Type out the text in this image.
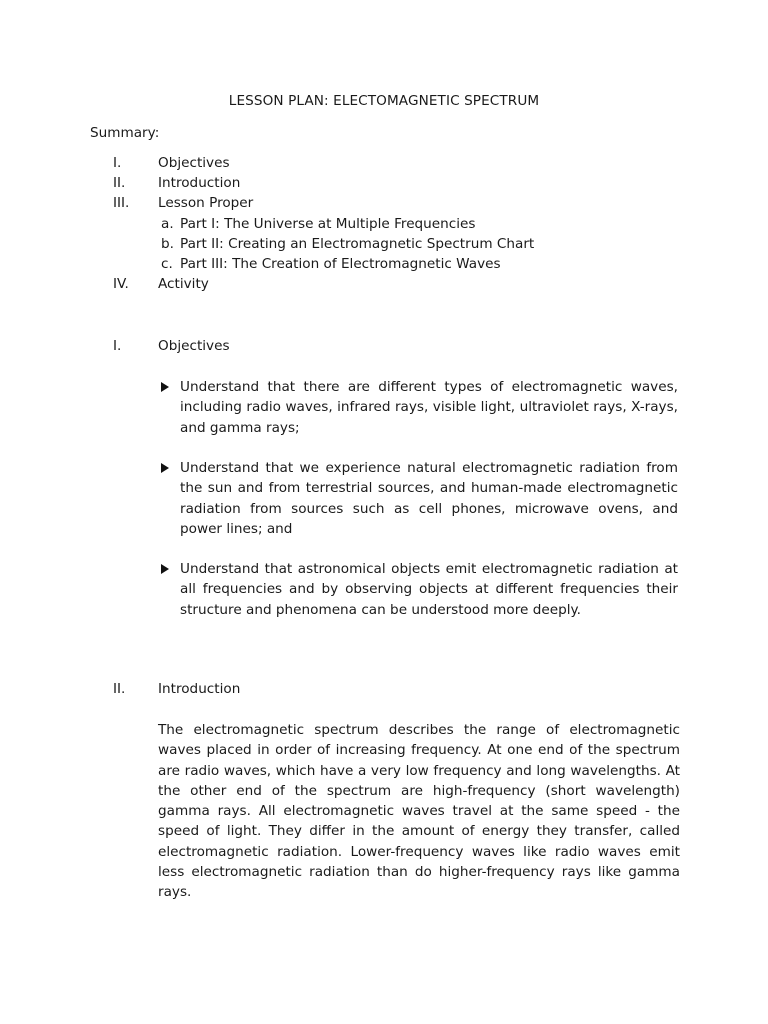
LESSON PLAN: ELECTOMAGNETIC SPECTRUM
Summary:
I.	Objectives
II.	Introduction
III.	Lesson Proper
a. Part I: The Universe at Multiple Frequencies
b. Part II: Creating an Electromagnetic Spectrum Chart
c. Part III: The Creation of Electromagnetic Waves
IV.	Activity
I.	Objectives
Understand that there are different types of electromagnetic waves, including radio waves, infrared rays, visible light, ultraviolet rays, X-rays, and gamma rays;
Understand that we experience natural electromagnetic radiation from the sun and from terrestrial sources, and human-made electromagnetic radiation from sources such as cell phones, microwave ovens, and power lines; and
Understand that astronomical objects emit electromagnetic radiation at all frequencies and by observing objects at different frequencies their structure and phenomena can be understood more deeply.
II.	Introduction
The electromagnetic spectrum describes the range of electromagnetic waves placed in order of increasing frequency. At one end of the spectrum are radio waves, which have a very low frequency and long wavelengths. At the other end of the spectrum are high-frequency (short wavelength) gamma rays. All electromagnetic waves travel at the same speed - the speed of light. They differ in the amount of energy they transfer, called electromagnetic radiation. Lower-frequency waves like radio waves emit less electromagnetic radiation than do higher-frequency rays like gamma rays.
